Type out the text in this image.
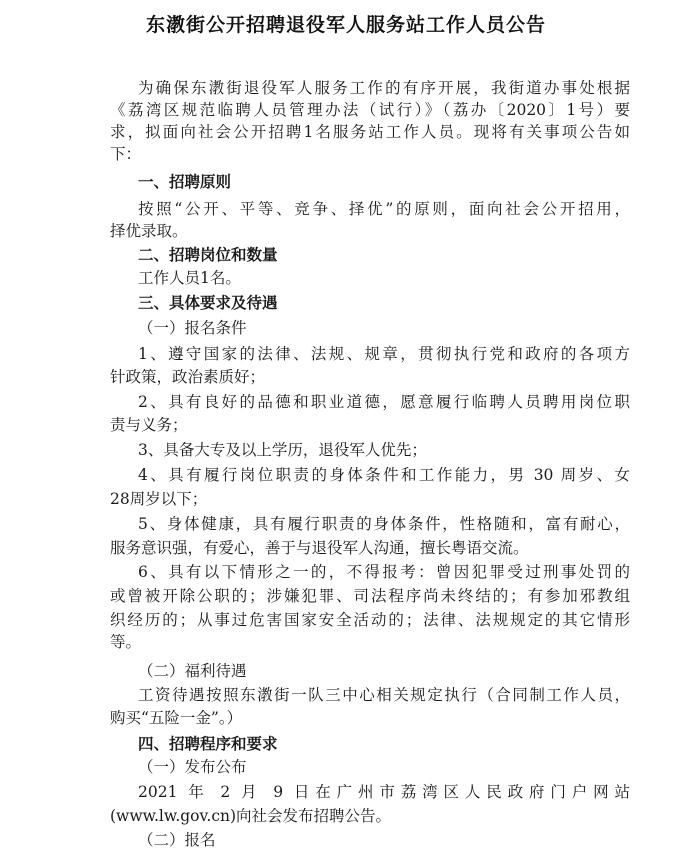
东漖街公开招聘退役军人服务站工作人员公告
为确保东漖街退役军人服务工作的有序开展，我街道办事处根据
《荔湾区规范临聘人员管理办法（试行）》（荔办〔2020〕1号）要
求，拟面向社会公开招聘1名服务站工作人员。现将有关事项公告如
下：
一、招聘原则
按照“公开、平等、竞争、择优”的原则，面向社会公开招用，
择优录取。
二、招聘岗位和数量
工作人员1名。
三、具体要求及待遇
（一）报名条件
1、遵守国家的法律、法规、规章，贯彻执行党和政府的各项方
针政策，政治素质好；
2、具有良好的品德和职业道德，愿意履行临聘人员聘用岗位职
责与义务；
3、具备大专及以上学历，退役军人优先；
4、具有履行岗位职责的身体条件和工作能力，男 30 周岁、女
28周岁以下；
5、身体健康，具有履行职责的身体条件，性格随和，富有耐心，
服务意识强，有爱心，善于与退役军人沟通，擅长粤语交流。
6、具有以下情形之一的，不得报考：曾因犯罪受过刑事处罚的
或曾被开除公职的；涉嫌犯罪、司法程序尚未终结的；有参加邪教组
织经历的；从事过危害国家安全活动的；法律、法规规定的其它情形
等。
（二）福利待遇
工资待遇按照东漖街一队三中心相关规定执行（合同制工作人员，
购买“五险一金”。）
四、招聘程序和要求
（一）发布公布
2021 年 2 月 9 日在广州市荔湾区人民政府门户网站
(www.lw.gov.cn)向社会发布招聘公告。
（二）报名
